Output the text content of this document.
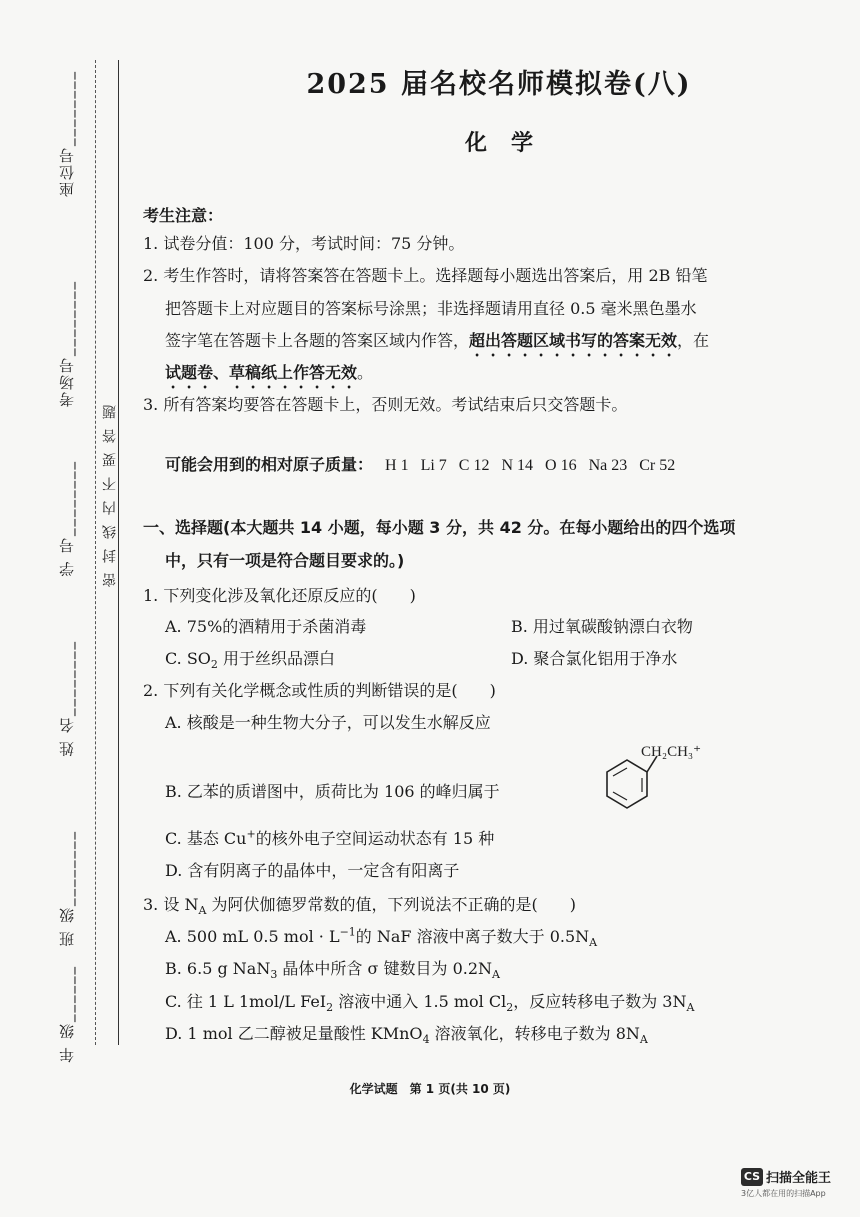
座位号________
考场号________
学 号________
姓 名________
班 级________
年 级______
密封线内不要答题
2025 届名校名师模拟卷(八)
化学
考生注意：
1. 试卷分值：100 分，考试时间：75 分钟。
2. 考生作答时，请将答案答在答题卡上。选择题每小题选出答案后，用 2B 铅笔
把答题卡上对应题目的答案标号涂黑；非选择题请用直径 0.5 毫米黑色墨水
签字笔在答题卡上各题的答案区域内作答，超出答题区域书写的答案无效，在
试题卷、草稿纸上作答无效。
3. 所有答案均要答在答题卡上，否则无效。考试结束后只交答题卡。
可能会用到的相对原子质量： H 1 Li 7 C 12 N 14 O 16 Na 23 Cr 52
一、选择题(本大题共 14 小题，每小题 3 分，共 42 分。在每小题给出的四个选项
中，只有一项是符合题目要求的。)
1. 下列变化涉及氧化还原反应的(　　)
A. 75%的酒精用于杀菌消毒	B. 用过氧碳酸钠漂白衣物
C. $SO_2$ 用于丝织品漂白	D. 聚合氯化铝用于净水
2. 下列有关化学概念或性质的判断错误的是(　　)
A. 核酸是一种生物大分子，可以发生水解反应
B. 乙苯的质谱图中，质荷比为 106 的峰归属于
C. 基态 Cu+的核外电子空间运动状态有 15 种
D. 含有阴离子的晶体中，一定含有阳离子
3. 设 $N_A$ 为阿伏伽德罗常数的值，下列说法不正确的是(　　)
A. 500 mL 0.5 mol · $L^{-1}$的 NaF 溶液中离子数大于 $0.5N_A$
B. 6.5 g NaN$_3$ 晶体中所含 σ 键数目为 $0.2N_A$
C. 往 1 L 1mol/L FeI$_2$ 溶液中通入 1.5 mol $Cl_2$，反应转移电子数为 $3N_A$
D. 1 mol 乙二醇被足量酸性 KMnO$_4$ 溶液氧化，转移电子数为 $8N_A$
CH₂CH₃⁺
化学试题　第 1 页(共 10 页)
CS 扫描全能王
3亿人都在用的扫描App
